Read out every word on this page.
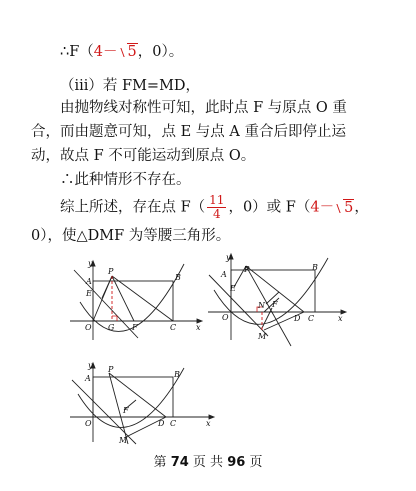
∴F（4－ 5，0）。
（iii）若 FM=MD，
由抛物线对称性可知，此时点 F 与原点 O 重
合，而由题意可知，点 E 与点 A 重合后即停止运
动，故点 F 不可能运动到原点 O。
∴此种情形不存在。
综上所述，存在点 $F( \frac{11}{4}$ ，0）或 F（4－ 5，
0），使△DMF 为等腰三角形。
y
P
A
E
B
O G F	C x
y
P
A
E
B
O
N F
D C	x
M
y P
A	B
O
F
D C	x
M
第 74 页 共 96 页
